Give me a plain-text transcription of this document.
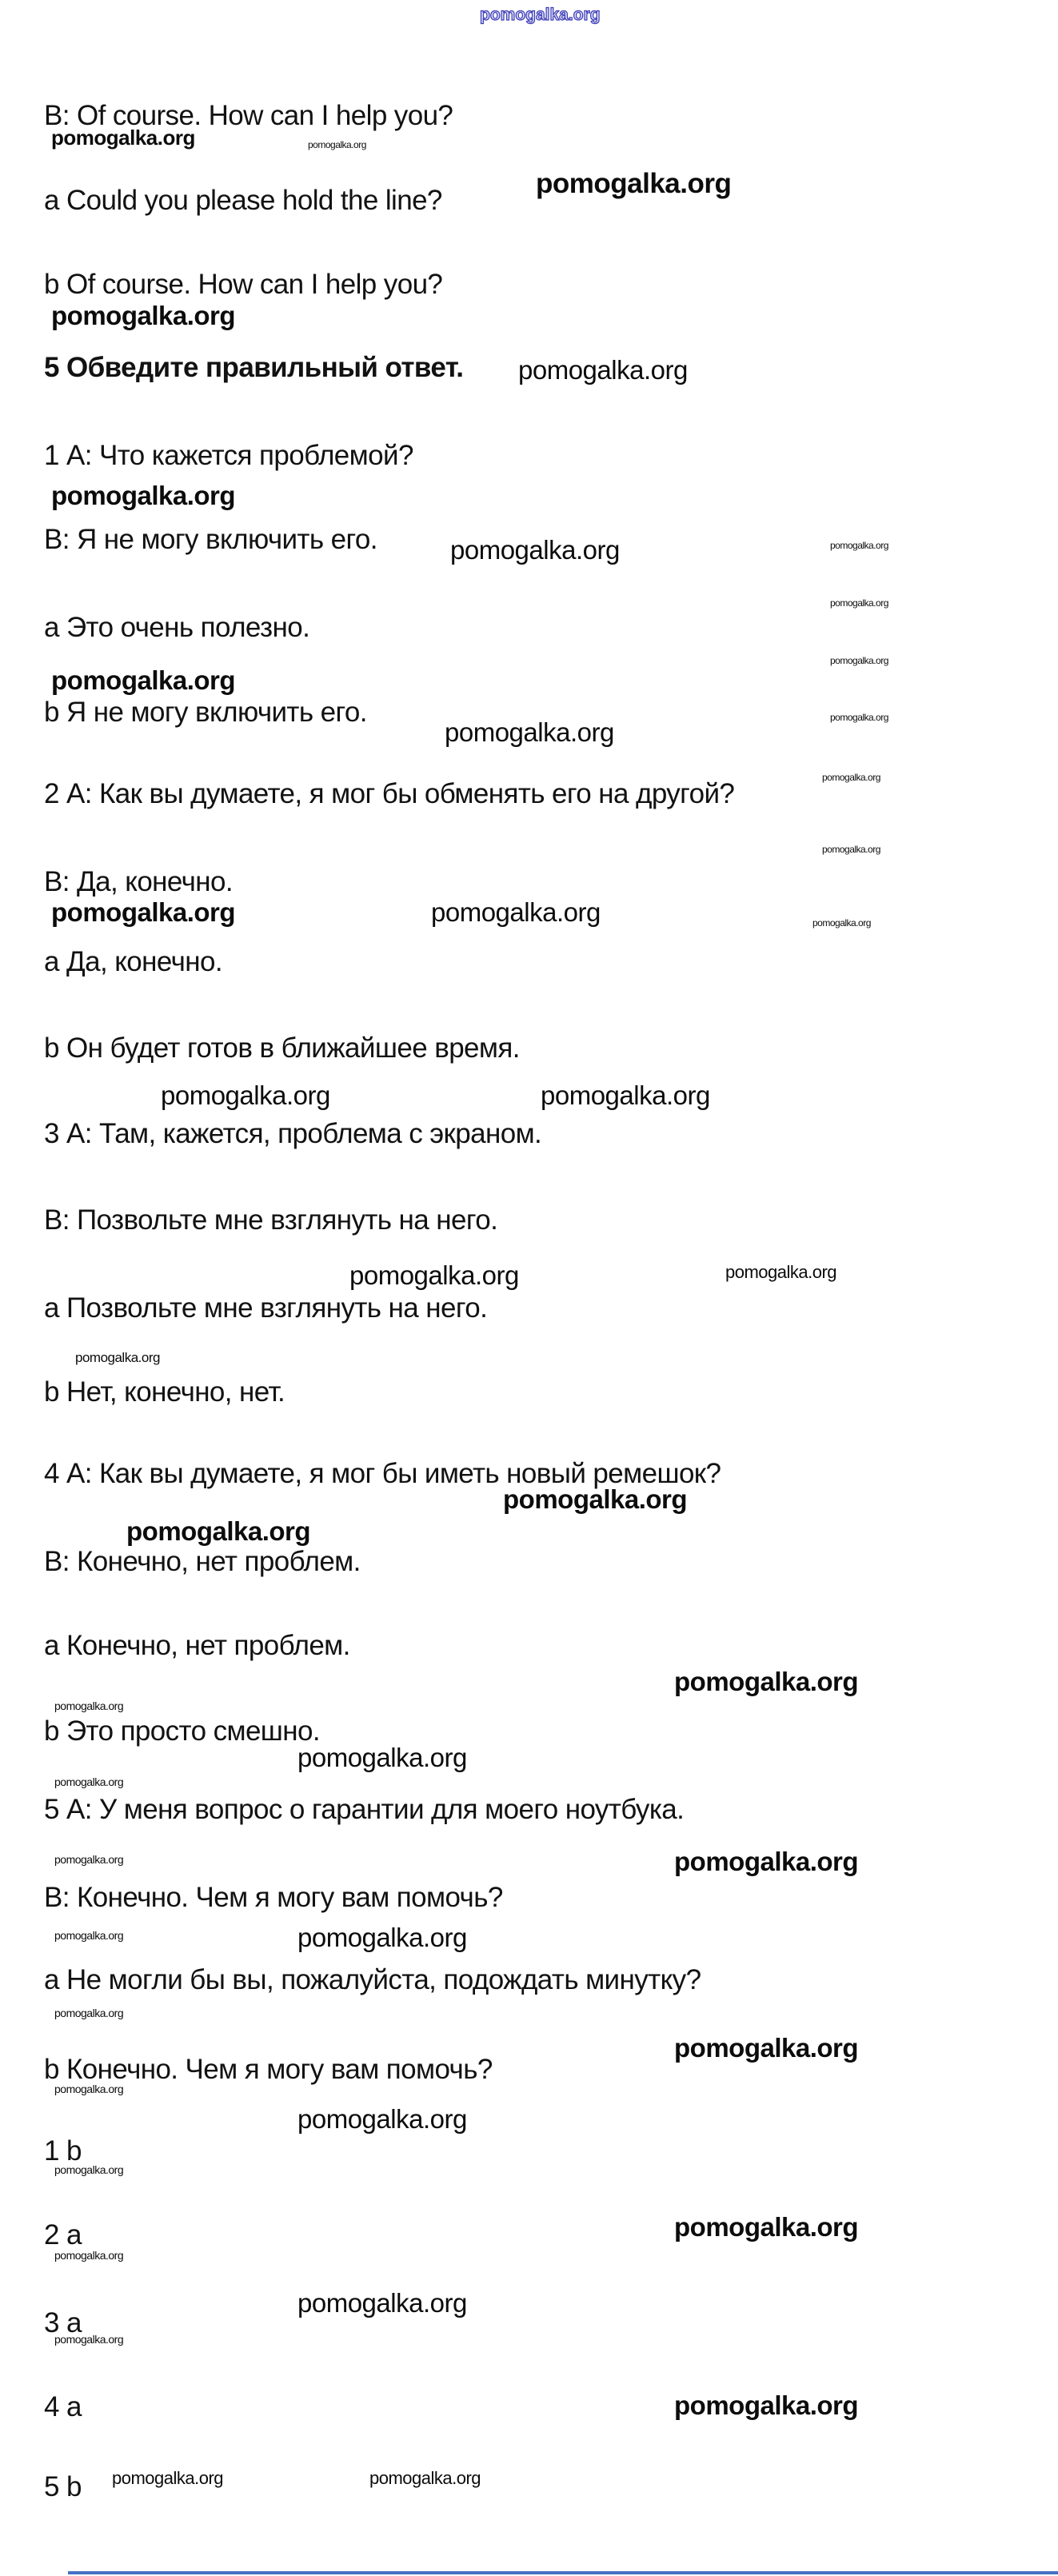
pomogalka.org
B: Of course. How can I help you?
pomogalka.org	pomogalka.org
pomogalka.org
a Could you please hold the line?
b Of course. How can I help you?
pomogalka.org
5 Обведите правильный ответ. pomogalka.org
1 А: Что кажется проблемой?
pomogalka.org
B: Я не могу включить его.	pomogalka.org	pomogalka.org
pomogalka.org
a Это очень полезно.
pomogalka.org
pomogalka.org
b Я не могу включить его.	pomogalka.org
pomogalka.org
pomogalka.org
2 А: Как вы думаете, я мог бы обменять его на другой?
pomogalka.org
B: Да, конечно.
pomogalka.org	pomogalka.org	pomogalka.org
a Да, конечно.
b Он будет готов в ближайшее время.
pomogalka.org	pomogalka.org
3 А: Там, кажется, проблема с экраном.
B: Позвольте мне взглянуть на него.
pomogalka.org	pomogalka.org
a Позвольте мне взглянуть на него.
pomogalka.org
b Нет, конечно, нет.
4 А: Как вы думаете, я мог бы иметь новый ремешок?
pomogalka.org
pomogalka.org
B: Конечно, нет проблем.
a Конечно, нет проблем.
pomogalka.org
pomogalka.org
b Это просто смешно.
pomogalka.org
pomogalka.org
5 А: У меня вопрос о гарантии для моего ноутбука.
pomogalka.org	pomogalka.org
B: Конечно. Чем я могу вам помочь?
pomogalka.org	pomogalka.org
a Не могли бы вы, пожалуйста, подождать минутку?
pomogalka.org
pomogalka.org
b Конечно. Чем я могу вам помочь?
pomogalka.org
pomogalka.org
1 b
pomogalka.org
2 a	pomogalka.org
pomogalka.org
pomogalka.org
3 a
pomogalka.org
4 a	pomogalka.org
5 b pomogalka.org	pomogalka.org
